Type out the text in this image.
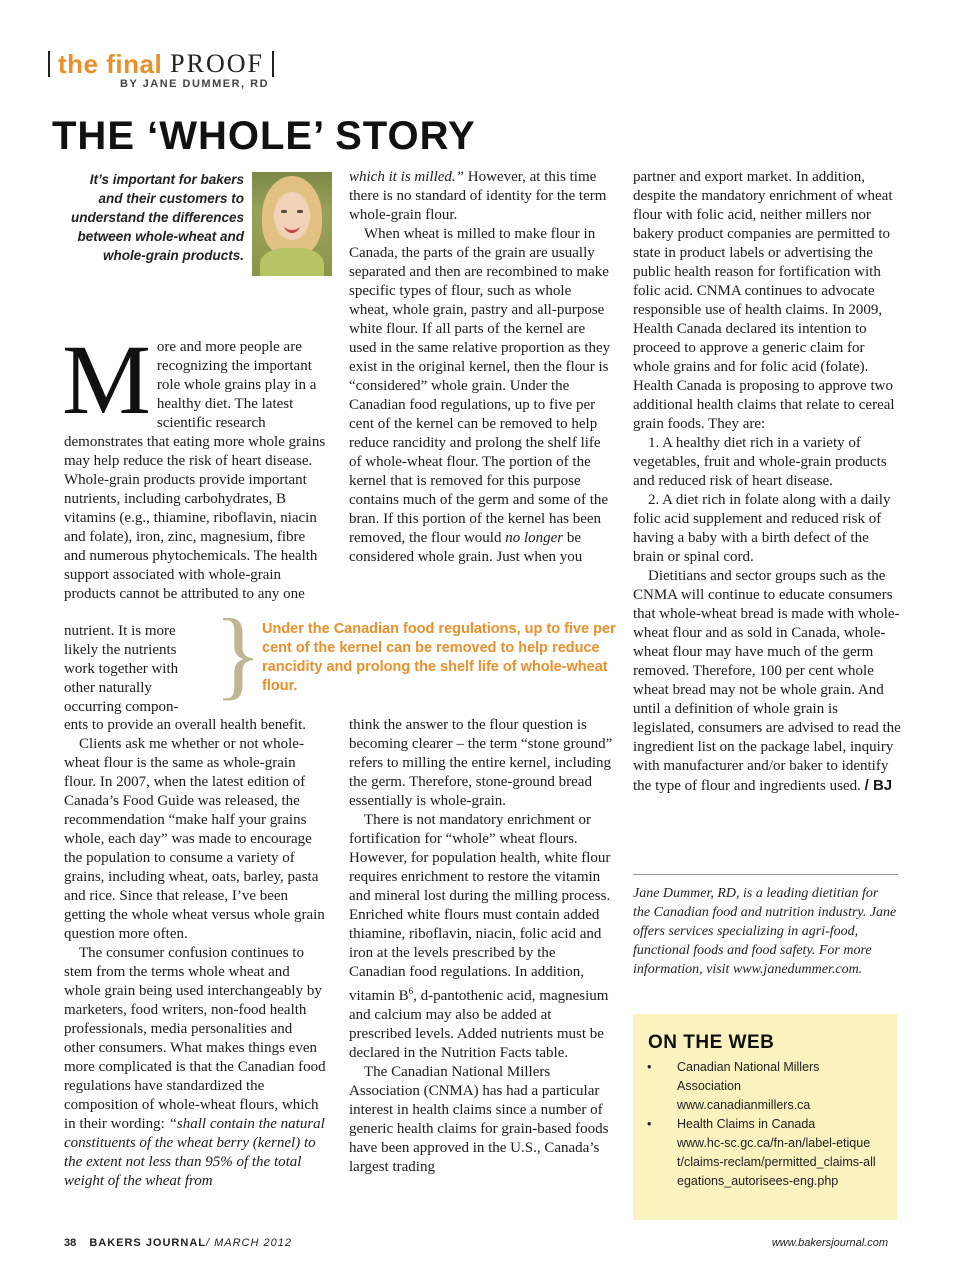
the final PROOF
BY JANE DUMMER, RD
THE ‘WHOLE’ STORY
It’s important for bakers and their customers to understand the differences between whole-wheat and whole-grain products.

More and more people are recognizing the important role whole grains play in a healthy diet. The latest scientific research demonstrates that eating more whole grains may help reduce the risk of heart disease. Whole-grain products provide important nutrients, including carbohydrates, B vitamins (e.g., thiamine, riboflavin, niacin and folate), iron, zinc, magnesium, fibre and numerous phytochemicals. The health support associated with whole-grain products cannot be attributed to any one

nutrient. It is more likely the nutrients work together with other naturally occurring compon-

ents to provide an overall health benefit.

Clients ask me whether or not whole-wheat flour is the same as whole-grain flour. In 2007, when the latest edition of Canada’s Food Guide was released, the recommendation “make half your grains whole, each day” was made to encourage the population to consume a variety of grains, including wheat, oats, barley, pasta and rice. Since that release, I’ve been getting the whole wheat versus whole grain question more often.

The consumer confusion continues to stem from the terms whole wheat and whole grain being used interchangeably by marketers, food writers, non-food health professionals, media personalities and other consumers. What makes things even more complicated is that the Canadian food regulations have standardized the composition of whole-wheat flours, which in their wording: “shall contain the natural constituents of the wheat berry (kernel) to the extent not less than 95% of the total weight of the wheat from

which it is milled.” However, at this time there is no standard of identity for the term whole-grain flour.

When wheat is milled to make flour in Canada, the parts of the grain are usually separated and then are recombined to make specific types of flour, such as whole wheat, whole grain, pastry and all-purpose white flour. If all parts of the kernel are used in the same relative proportion as they exist in the original kernel, then the flour is “considered” whole grain. Under the Canadian food regulations, up to five per cent of the kernel can be removed to help reduce rancidity and prolong the shelf life of whole-wheat flour. The portion of the kernel that is removed for this purpose contains much of the germ and some of the bran. If this portion of the kernel has been removed, the flour would no longer be considered whole grain. Just when you

think the answer to the flour question is becoming clearer – the term “stone ground” refers to milling the entire kernel, including the germ. Therefore, stone-ground bread essentially is whole-grain.

There is not mandatory enrichment or fortification for “whole” wheat flours. However, for population health, white flour requires enrichment to restore the vitamin and mineral lost during the milling process. Enriched white flours must contain added thiamine, riboflavin, niacin, folic acid and iron at the levels prescribed by the Canadian food regulations. In addition, vitamin $B^6$, d-pantothenic acid, magnesium and calcium may also be added at prescribed levels. Added nutrients must be declared in the Nutrition Facts table.

The Canadian National Millers Association (CNMA) has had a particular interest in health claims since a number of generic health claims for grain-based foods have been approved in the U.S., Canada’s largest trading

} Under the Canadian food regulations, up to five per cent of the kernel can be removed to help reduce rancidity and prolong the shelf life of whole-wheat flour.

partner and export market. In addition, despite the mandatory enrichment of wheat flour with folic acid, neither millers nor bakery product companies are permitted to state in product labels or advertising the public health reason for fortification with folic acid. CNMA continues to advocate responsible use of health claims. In 2009, Health Canada declared its intention to proceed to approve a generic claim for whole grains and for folic acid (folate). Health Canada is proposing to approve two additional health claims that relate to cereal grain foods. They are:

1. A healthy diet rich in a variety of vegetables, fruit and whole-grain products and reduced risk of heart disease.

2. A diet rich in folate along with a daily folic acid supplement and reduced risk of having a baby with a birth defect of the brain or spinal cord.

Dietitians and sector groups such as the CNMA will continue to educate consumers that whole-wheat bread is made with whole-wheat flour and as sold in Canada, whole-wheat flour may have much of the germ removed. Therefore, 100 per cent whole wheat bread may not be whole grain. And until a definition of whole grain is legislated, consumers are advised to read the ingredient list on the package label, inquiry with manufacturer and/or baker to identify the type of flour and ingredients used. / BJ

Jane Dummer, RD, is a leading dietitian for the Canadian food and nutrition industry. Jane offers services specializing in agri-food, functional foods and food safety. For more information, visit www.janedummer.com.
ON THE WEB
• Canadian National Millers Association
www.canadianmillers.ca
• Health Claims in Canada
www.hc-sc.gc.ca/fn-an/label-etiquet/claims-reclam/permitted_claims-allegations_autorisees-eng.php
38 BAKERS JOURNAL/ MARCH 2012	www.bakersjournal.com
